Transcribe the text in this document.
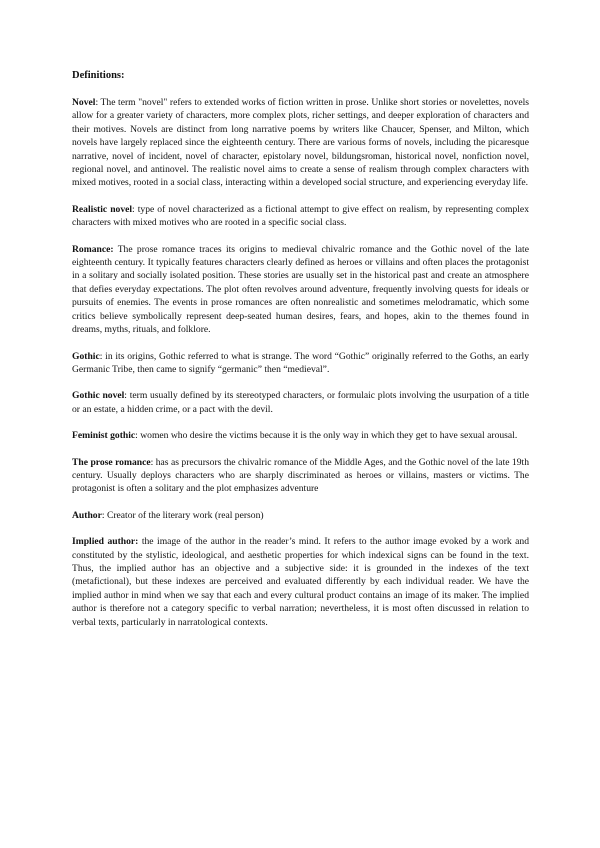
Definitions:

Novel: The term "novel" refers to extended works of fiction written in prose. Unlike short stories or novelettes, novels allow for a greater variety of characters, more complex plots, richer settings, and deeper exploration of characters and their motives. Novels are distinct from long narrative poems by writers like Chaucer, Spenser, and Milton, which novels have largely replaced since the eighteenth century. There are various forms of novels, including the picaresque narrative, novel of incident, novel of character, epistolary novel, bildungsroman, historical novel, nonfiction novel, regional novel, and antinovel. The realistic novel aims to create a sense of realism through complex characters with mixed motives, rooted in a social class, interacting within a developed social structure, and experiencing everyday life.

Realistic novel: type of novel characterized as a fictional attempt to give effect on realism, by representing complex characters with mixed motives who are rooted in a specific social class.

Romance: The prose romance traces its origins to medieval chivalric romance and the Gothic novel of the late eighteenth century. It typically features characters clearly defined as heroes or villains and often places the protagonist in a solitary and socially isolated position. These stories are usually set in the historical past and create an atmosphere that defies everyday expectations. The plot often revolves around adventure, frequently involving quests for ideals or pursuits of enemies. The events in prose romances are often nonrealistic and sometimes melodramatic, which some critics believe symbolically represent deep-seated human desires, fears, and hopes, akin to the themes found in dreams, myths, rituals, and folklore.

Gothic: in its origins, Gothic referred to what is strange. The word “Gothic” originally referred to the Goths, an early Germanic Tribe, then came to signify “germanic” then “medieval”.

Gothic novel: term usually defined by its stereotyped characters, or formulaic plots involving the usurpation of a title or an estate, a hidden crime, or a pact with the devil.

Feminist gothic: women who desire the victims because it is the only way in which they get to have sexual arousal.

The prose romance: has as precursors the chivalric romance of the Middle Ages, and the Gothic novel of the late 19th century. Usually deploys characters who are sharply discriminated as heroes or villains, masters or victims. The protagonist is often a solitary and the plot emphasizes adventure

Author: Creator of the literary work (real person)

Implied author: the image of the author in the reader’s mind. It refers to the author image evoked by a work and constituted by the stylistic, ideological, and aesthetic properties for which indexical signs can be found in the text. Thus, the implied author has an objective and a subjective side: it is grounded in the indexes of the text (metafictional), but these indexes are perceived and evaluated differently by each individual reader. We have the implied author in mind when we say that each and every cultural product contains an image of its maker. The implied author is therefore not a category specific to verbal narration; nevertheless, it is most often discussed in relation to verbal texts, particularly in narratological contexts.
